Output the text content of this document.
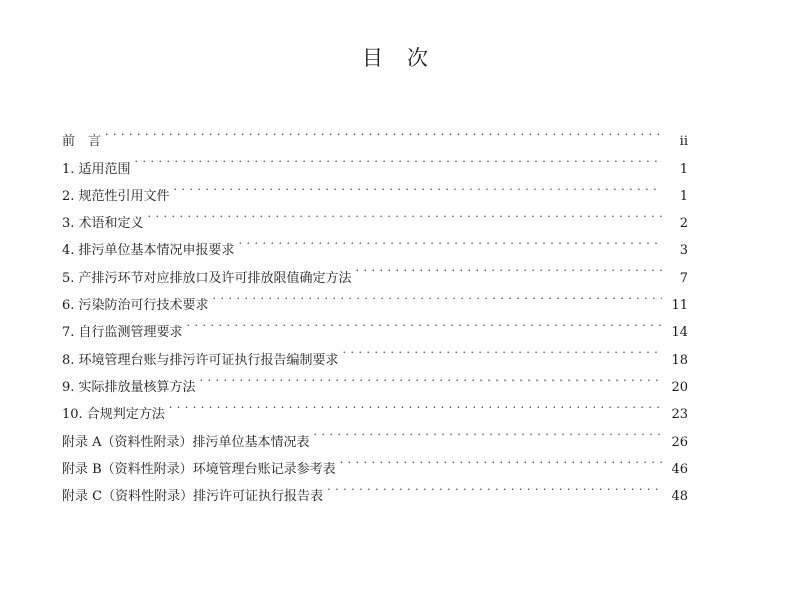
目 次
前　言 . . .	ii
1. 适用范围 . . .	1
2. 规范性引用文件 . . .	1
3. 术语和定义 . . .	2
4. 排污单位基本情况申报要求 . . .	3
5. 产排污环节对应排放口及许可排放限值确定方法 . . .	7
6. 污染防治可行技术要求 . . .	11
7. 自行监测管理要求 . . .	14
8. 环境管理台账与排污许可证执行报告编制要求 . . .	18
9. 实际排放量核算方法 . . .	20
10. 合规判定方法 . . .	23
附录 A（资料性附录）排污单位基本情况表 . . .	26
附录 B（资料性附录）环境管理台账记录参考表 . . .	46
附录 C（资料性附录）排污许可证执行报告表 . . .	48
